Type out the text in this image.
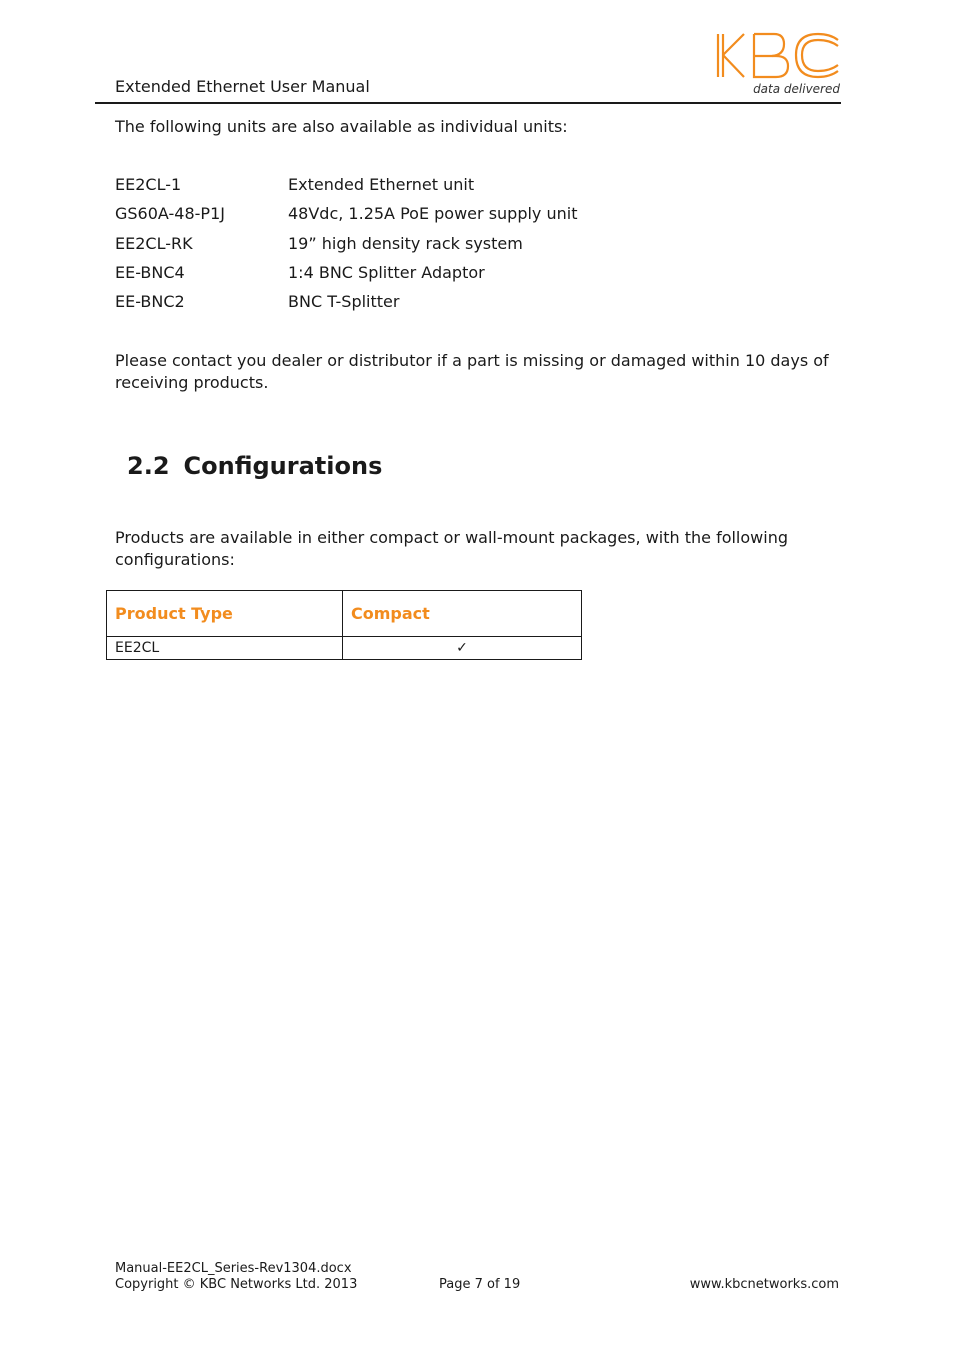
Extended Ethernet User Manual	data delivered
The following units are also available as individual units:
EE2CL-1	Extended Ethernet unit
GS60A-48-P1J	48Vdc, 1.25A PoE power supply unit
EE2CL-RK	19” high density rack system
EE-BNC4	1:4 BNC Splitter Adaptor
EE-BNC2	BNC T-Splitter
Please contact you dealer or distributor if a part is missing or damaged within 10 days of receiving products.
2.2 Configurations
Products are available in either compact or wall-mount packages, with the following configurations:
Product Type	Compact
EE2CL	✓
Manual-EE2CL_Series-Rev1304.docx
Copyright © KBC Networks Ltd. 2013	Page 7 of 19	www.kbcnetworks.com
